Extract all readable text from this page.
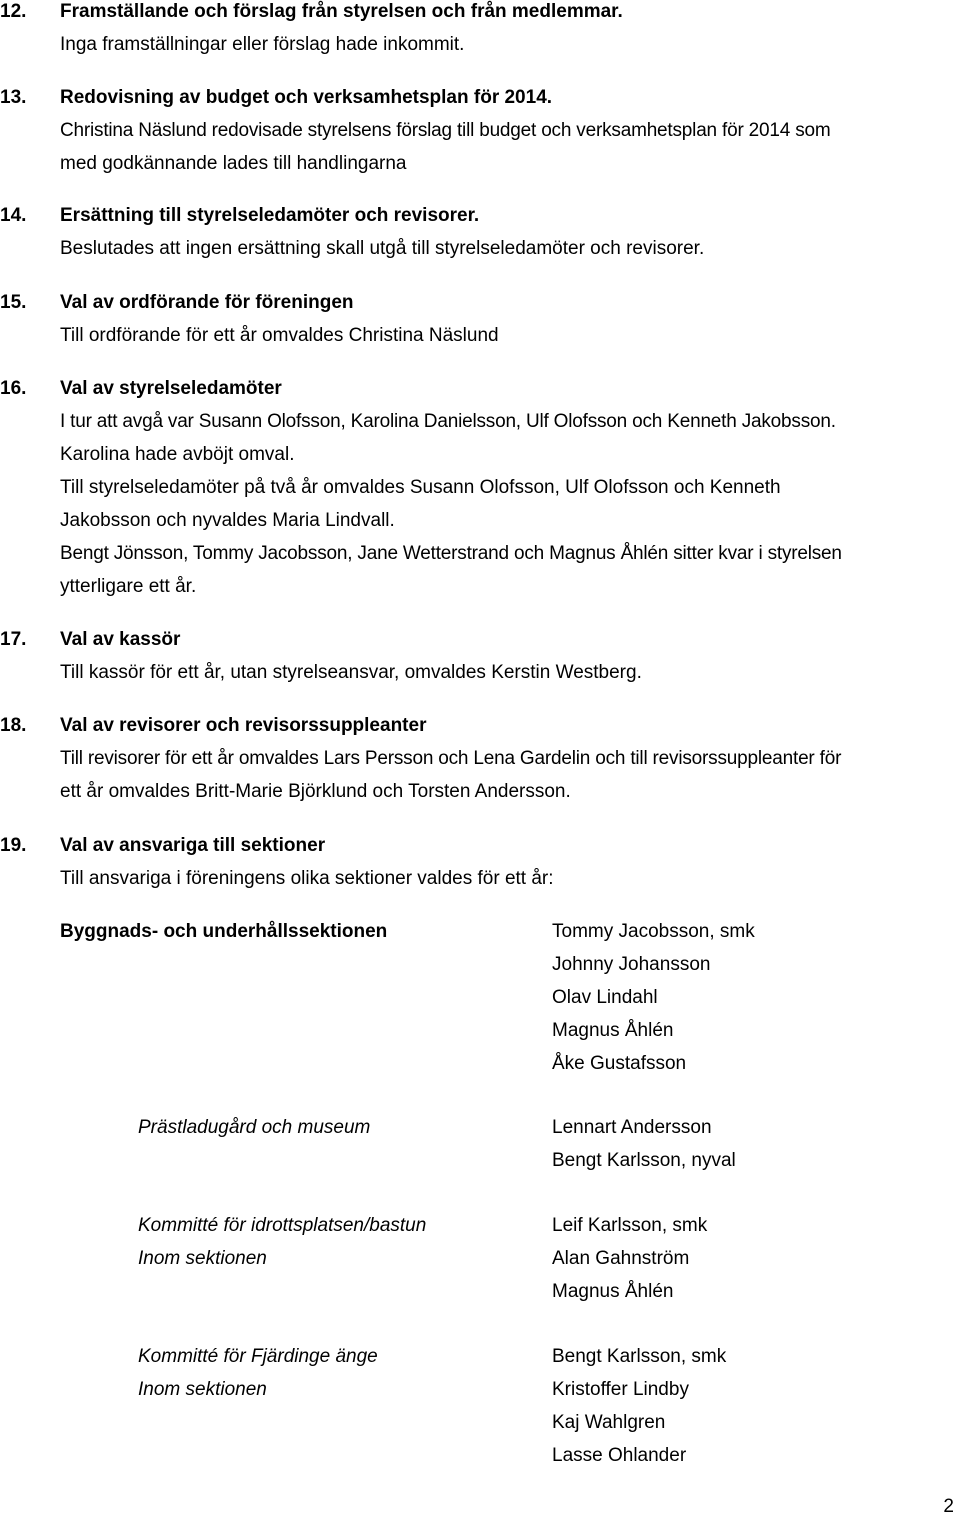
12. Framställande och förslag från styrelsen och från medlemmar.
Inga framställningar eller förslag hade inkommit.
13. Redovisning av budget och verksamhetsplan för 2014.
Christina Näslund redovisade styrelsens förslag till budget och verksamhetsplan för 2014 som
med godkännande lades till handlingarna
14. Ersättning till styrelseledamöter och revisorer.
Beslutades att ingen ersättning skall utgå till styrelseledamöter och revisorer.
15. Val av ordförande för föreningen
Till ordförande för ett år omvaldes Christina Näslund
16. Val av styrelseledamöter
I tur att avgå var Susann Olofsson, Karolina Danielsson, Ulf Olofsson och Kenneth Jakobsson.
Karolina hade avböjt omval.
Till styrelseledamöter på två år omvaldes Susann Olofsson, Ulf Olofsson och Kenneth
Jakobsson och nyvaldes Maria Lindvall.
Bengt Jönsson, Tommy Jacobsson, Jane Wetterstrand och Magnus Åhlén sitter kvar i styrelsen
ytterligare ett år.
17. Val av kassör
Till kassör för ett år, utan styrelseansvar, omvaldes Kerstin Westberg.
18. Val av revisorer och revisorssuppleanter
Till revisorer för ett år omvaldes Lars Persson och Lena Gardelin och till revisorssuppleanter för
ett år omvaldes Britt-Marie Björklund och Torsten Andersson.
19. Val av ansvariga till sektioner
Till ansvariga i föreningens olika sektioner valdes för ett år:
Byggnads- och underhållssektionen	Tommy Jacobsson, smk
Johnny Johansson
Olav Lindahl
Magnus Åhlén
Åke Gustafsson
Prästladugård och museum	Lennart Andersson
Bengt Karlsson, nyval
Kommitté för idrottsplatsen/bastun
Inom sektionen
Leif Karlsson, smk
Alan Gahnström
Magnus Åhlén
Kommitté för Fjärdinge änge
Inom sektionen
Bengt Karlsson, smk
Kristoffer Lindby
Kaj Wahlgren
Lasse Ohlander
2
